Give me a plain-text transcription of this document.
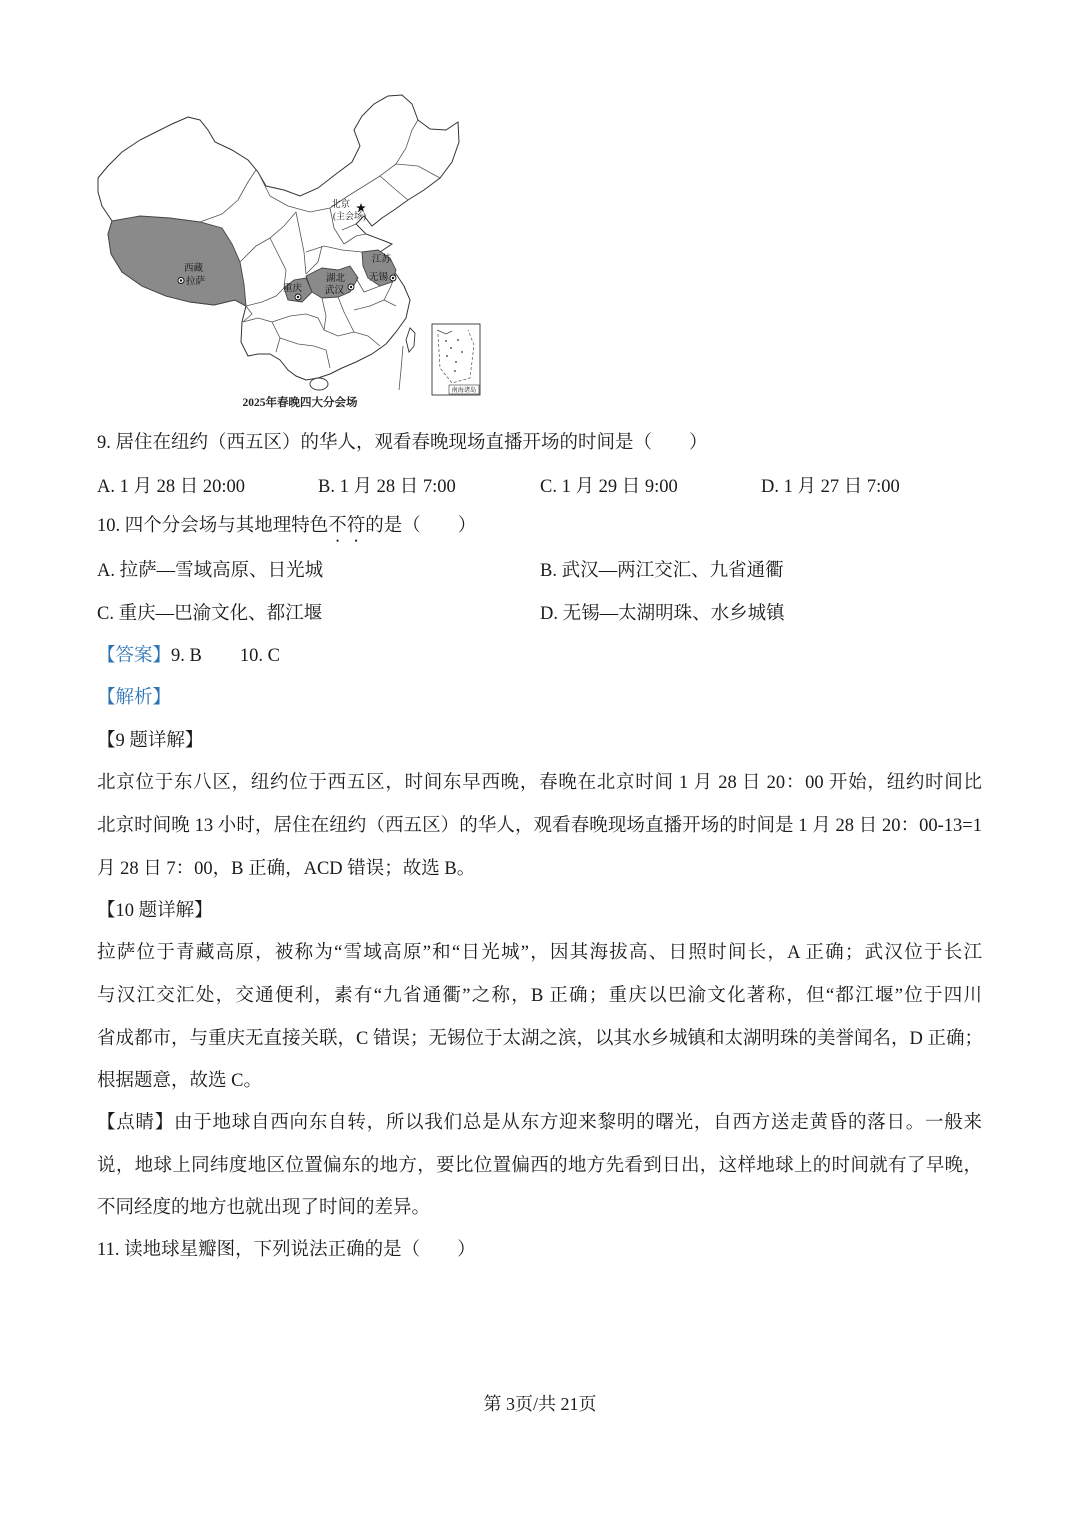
北京
(主会场)
西藏
拉萨
重庆
湖北
武汉
江苏
无锡
南海诸岛
2025年春晚四大分会场
9. 居住在纽约（西五区）的华人，观看春晚现场直播开场的时间是（　　）
A. 1 月 28 日 20:00	B. 1 月 28 日 7:00	C. 1 月 29 日 9:00	D. 1 月 27 日 7:00
10. 四个分会场与其地理特色不符的是（　　）
A. 拉萨—雪域高原、日光城	B. 武汉—两江交汇、九省通衢
C. 重庆—巴渝文化、都江堰	D. 无锡—太湖明珠、水乡城镇
【答案】9. B 10. C
【解析】
【9 题详解】
北京位于东八区，纽约位于西五区，时间东早西晚，春晚在北京时间 1 月 28 日 20：00 开始，纽约时间比
北京时间晚 13 小时，居住在纽约（西五区）的华人，观看春晚现场直播开场的时间是 1 月 28 日 20：00-13=1
月 28 日 7：00，B 正确，ACD 错误；故选 B。
【10 题详解】
拉萨位于青藏高原，被称为“雪域高原”和“日光城”，因其海拔高、日照时间长，A 正确；武汉位于长江
与汉江交汇处，交通便利，素有“九省通衢”之称，B 正确；重庆以巴渝文化著称，但“都江堰”位于四川
省成都市，与重庆无直接关联，C 错误；无锡位于太湖之滨，以其水乡城镇和太湖明珠的美誉闻名，D 正确；
根据题意，故选 C。
【点睛】由于地球自西向东自转，所以我们总是从东方迎来黎明的曙光，自西方送走黄昏的落日。一般来
说，地球上同纬度地区位置偏东的地方，要比位置偏西的地方先看到日出，这样地球上的时间就有了早晚，
不同经度的地方也就出现了时间的差异。
11. 读地球星瓣图，下列说法正确的是（　　）
第 3页/共 21页
